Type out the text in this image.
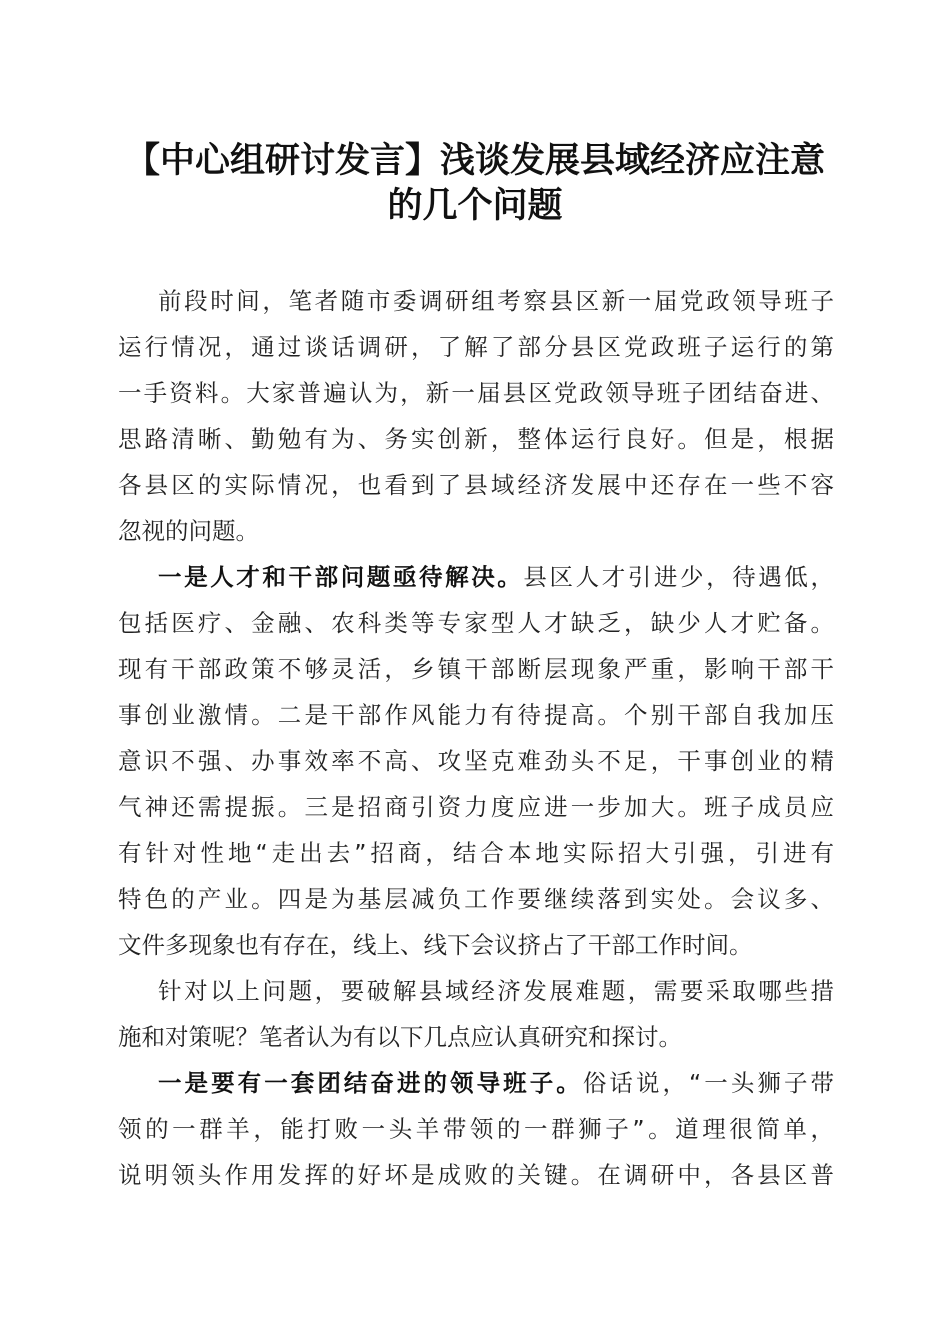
【中心组研讨发言】浅谈发展县域经济应注意
的几个问题
前段时间，笔者随市委调研组考察县区新一届党政领导班子
运行情况，通过谈话调研，了解了部分县区党政班子运行的第
一手资料。大家普遍认为，新一届县区党政领导班子团结奋进、
思路清晰、勤勉有为、务实创新，整体运行良好。但是，根据
各县区的实际情况，也看到了县域经济发展中还存在一些不容
忽视的问题。
一是人才和干部问题亟待解决。县区人才引进少，待遇低，
包括医疗、金融、农科类等专家型人才缺乏，缺少人才贮备。
现有干部政策不够灵活，乡镇干部断层现象严重，影响干部干
事创业激情。二是干部作风能力有待提高。个别干部自我加压
意识不强、办事效率不高、攻坚克难劲头不足，干事创业的精
气神还需提振。三是招商引资力度应进一步加大。班子成员应
有针对性地“走出去”招商，结合本地实际招大引强，引进有
特色的产业。四是为基层减负工作要继续落到实处。会议多、
文件多现象也有存在，线上、线下会议挤占了干部工作时间。
针对以上问题，要破解县域经济发展难题，需要采取哪些措
施和对策呢？笔者认为有以下几点应认真研究和探讨。
一是要有一套团结奋进的领导班子。俗话说，“一头狮子带
领的一群羊，能打败一头羊带领的一群狮子”。道理很简单，
说明领头作用发挥的好坏是成败的关键。在调研中，各县区普
